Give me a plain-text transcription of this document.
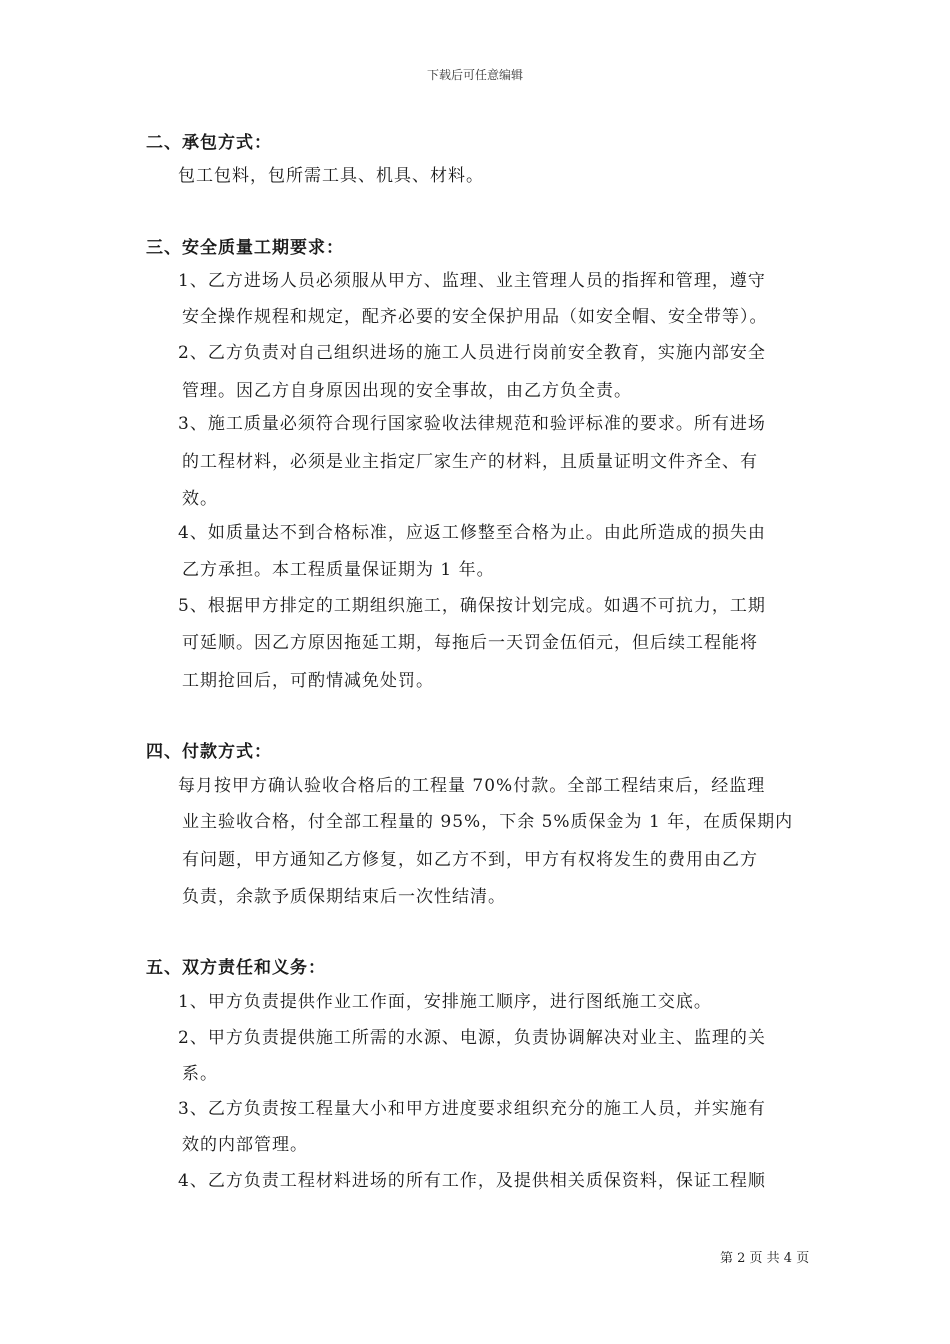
下载后可任意编辑
二、承包方式：
包工包料，包所需工具、机具、材料。
三、安全质量工期要求：
1、乙方进场人员必须服从甲方、监理、业主管理人员的指挥和管理，遵守
安全操作规程和规定，配齐必要的安全保护用品（如安全帽、安全带等）。
2、乙方负责对自己组织进场的施工人员进行岗前安全教育，实施内部安全
管理。因乙方自身原因出现的安全事故，由乙方负全责。
3、施工质量必须符合现行国家验收法律规范和验评标准的要求。所有进场
的工程材料，必须是业主指定厂家生产的材料，且质量证明文件齐全、有
效。
4、如质量达不到合格标准，应返工修整至合格为止。由此所造成的损失由
乙方承担。本工程质量保证期为 1 年。
5、根据甲方排定的工期组织施工，确保按计划完成。如遇不可抗力，工期
可延顺。因乙方原因拖延工期，每拖后一天罚金伍佰元，但后续工程能将
工期抢回后，可酌情减免处罚。
四、付款方式：
每月按甲方确认验收合格后的工程量 70%付款。全部工程结束后，经监理
业主验收合格，付全部工程量的 95%，下余 5%质保金为 1 年，在质保期内
有问题，甲方通知乙方修复，如乙方不到，甲方有权将发生的费用由乙方
负责，余款予质保期结束后一次性结清。
五、双方责任和义务：
1、甲方负责提供作业工作面，安排施工顺序，进行图纸施工交底。
2、甲方负责提供施工所需的水源、电源，负责协调解决对业主、监理的关
系。
3、乙方负责按工程量大小和甲方进度要求组织充分的施工人员，并实施有
效的内部管理。
4、乙方负责工程材料进场的所有工作，及提供相关质保资料，保证工程顺
第 2 页 共 4 页
